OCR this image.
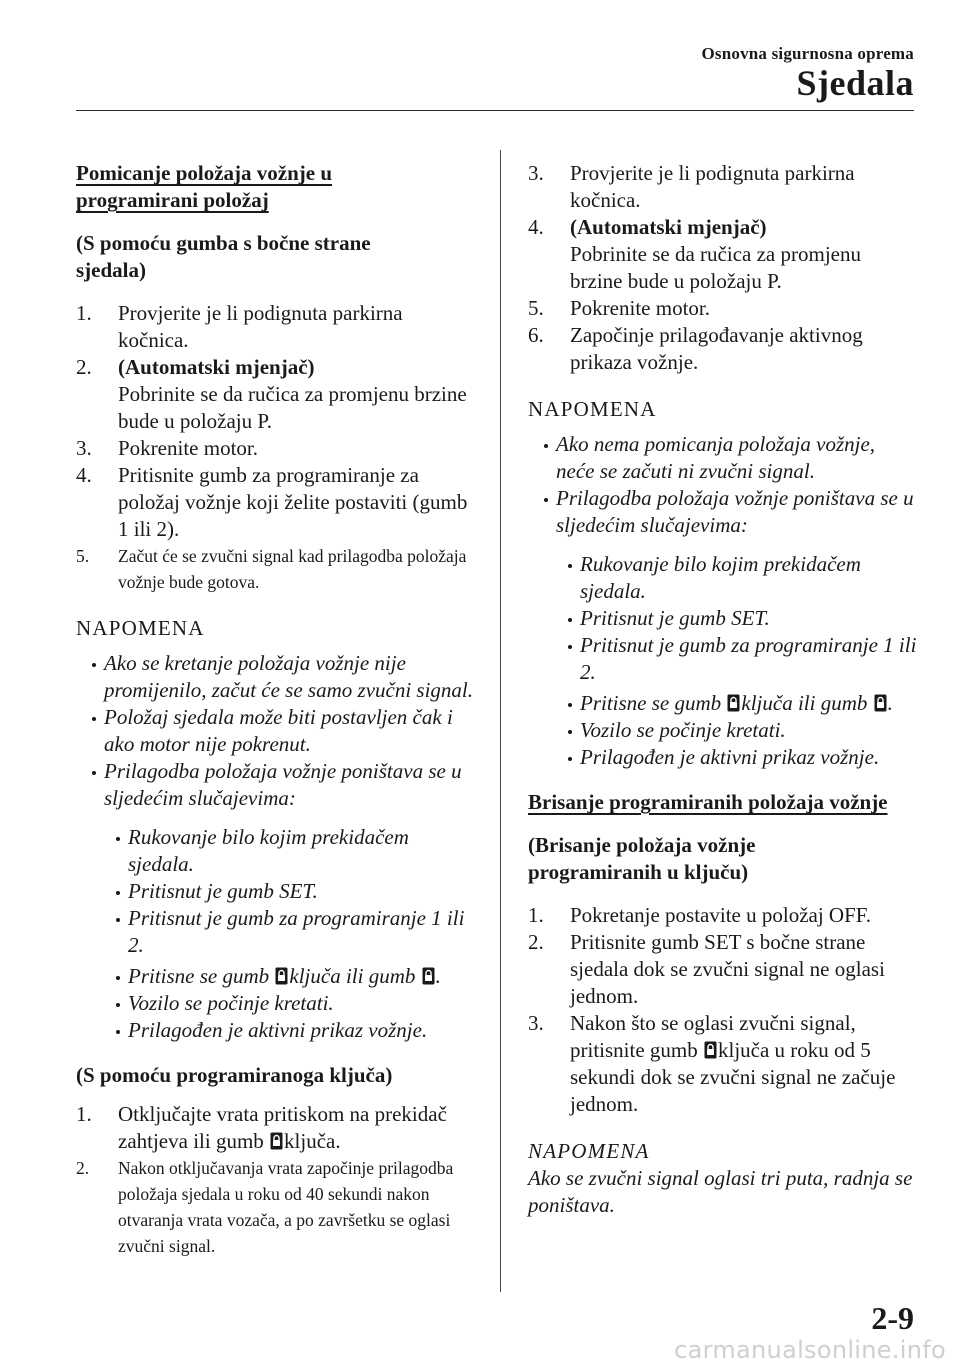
Osnovna sigurnosna oprema
Sjedala

Pomicanje položaja vožnje u programirani položaj

(S pomoću gumba s bočne strane sjedala)

1.	Provjerite je li podignuta parkirna kočnica.
2.	(Automatski mjenjač)
Pobrinite se da ručica za promjenu brzine bude u položaju P.
3.	Pokrenite motor.
4.	Pritisnite gumb za programiranje za položaj vožnje koji želite postaviti (gumb 1 ili 2).
5.	Začut će se zvučni signal kad prilagodba položaja vožnje bude gotova.

NAPOMENA

Ako se kretanje položaja vožnje nije promijenilo, začut će se samo zvučni signal.
Položaj sjedala može biti postavljen čak i ako motor nije pokrenut.
Prilagodba položaja vožnje poništava se u sljedećim slučajevima:
Rukovanje bilo kojim prekidačem sjedala.
Pritisnut je gumb SET.
Pritisnut je gumb za programiranje 1 ili 2.
Pritisne se gumb ključa ili gumb .
Vozilo se počinje kretati.
Prilagođen je aktivni prikaz vožnje.

(S pomoću programiranoga ključa)

1.	Otključajte vrata pritiskom na prekidač zahtjeva ili gumb ključa.
2.	Nakon otključavanja vrata započinje prilagodba položaja sjedala u roku od 40 sekundi nakon otvaranja vrata vozača, a po završetku se oglasi zvučni signal.
3.	Provjerite je li podignuta parkirna kočnica.
4.	(Automatski mjenjač)
Pobrinite se da ručica za promjenu brzine bude u položaju P.
5.	Pokrenite motor.
6.	Započinje prilagođavanje aktivnog prikaza vožnje.

NAPOMENA

Ako nema pomicanja položaja vožnje, neće se začuti ni zvučni signal.
Prilagodba položaja vožnje poništava se u sljedećim slučajevima:
Rukovanje bilo kojim prekidačem sjedala.
Pritisnut je gumb SET.
Pritisnut je gumb za programiranje 1 ili 2.
Pritisne se gumb ključa ili gumb .
Vozilo se počinje kretati.
Prilagođen je aktivni prikaz vožnje.

Brisanje programiranih položaja vožnje

(Brisanje položaja vožnje programiranih u ključu)

1.	Pokretanje postavite u položaj OFF.
2.	Pritisnite gumb SET s bočne strane sjedala dok se zvučni signal ne oglasi jednom.
3.	Nakon što se oglasi zvučni signal, pritisnite gumb ključa u roku od 5 sekundi dok se zvučni signal ne začuje jednom.

NAPOMENA

Ako se zvučni signal oglasi tri puta, radnja se poništava.

2-9
carmanualsonline.info
